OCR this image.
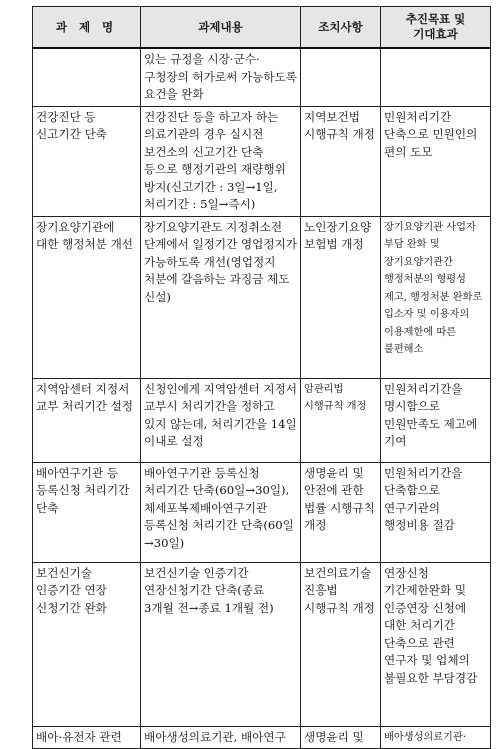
과 제 명	과제내용	조치사항	추진목표 및
기대효과
	있는 규정을 시장·군수·구청장의 허가로써 가능하도록 요건을 완화		
건강진단 등 신고기간 단축	건강진단 등을 하고자 하는 의료기관의 경우 실시전 보건소의 신고기간 단축 등으로 행정기관의 재량행위 방지(신고기간 : 3일→1일, 처리기간 : 5일→즉시)	지역보건법 시행규칙 개정	민원처리기간 단축으로 민원인의 편의 도모
장기요양기관에 대한 행정처분 개선	장기요양기관도 지정취소전 단계에서 일정기간 영업정지가 가능하도록 개선(영업정지 처분에 갈음하는 과징금 제도 신설)	노인장기요양보험법 개정	장기요양기관 사업자 부담 완화 및 장기요양기관간 행정처분의 형평성 제고, 행정처분 완화로 입소자 및 이용자의 이용제한에 따른 불편해소
지역암센터 지정서 교부 처리기간 설정	신청인에게 지역암센터 지정서 교부시 처리기간을 정하고 있지 않는데, 처리기간을 14일 이내로 설정	암관리법 시행규칙 개정	민원처리기간을 명시함으로 민원만족도 제고에 기여
배아연구기관 등 등록신청 처리기간 단축	배아연구기관 등록신청 처리기간 단축(60일→30일), 체세포복제배아연구기관 등록신청 처리기간 단축(60일→30일)	생명윤리 및 안전에 관한 법률 시행규칙 개정	민원처리기간을 단축함으로 연구기관의 행정비용 절감
보건신기술 인증기간 연장 신청기간 완화	보건신기술 인증기간 연장신청기간 단축(종료 3개월 전→종료 1개월 전)	보건의료기술진흥법 시행규칙 개정	연장신청 기간제한완화 및 인증연장 신청에 대한 처리기간 단축으로 관련 연구자 및 업체의 불필요한 부담경감
배아·유전자 관련	배아생성의료기관, 배아연구	생명윤리 및	배아생성의료기관·
